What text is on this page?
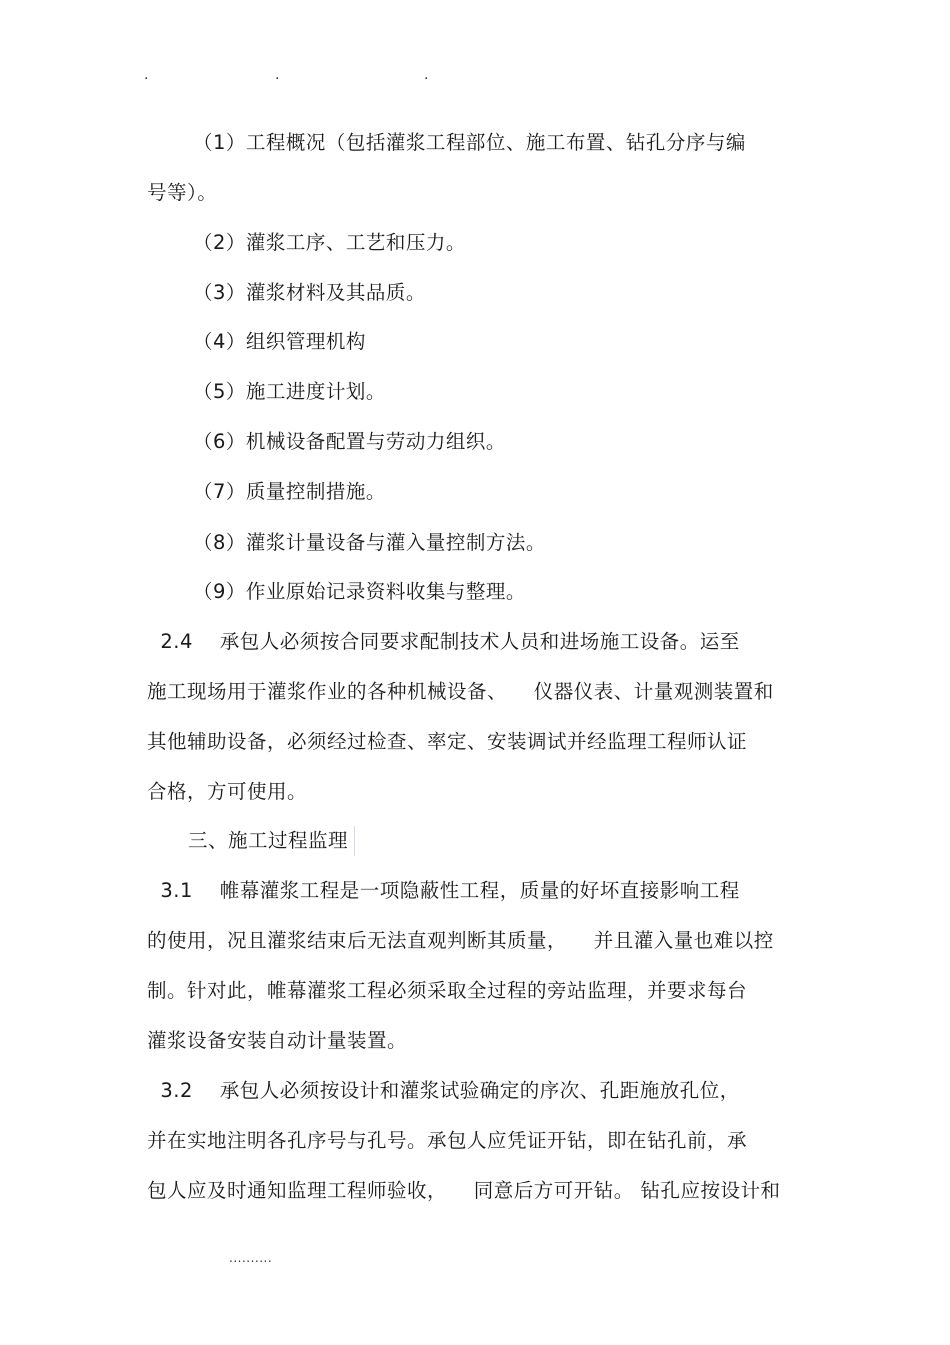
.	.	.
（1）工程概况（包括灌浆工程部位、施工布置、钻孔分序与编
号等）。
（2）灌浆工序、工艺和压力。
（3）灌浆材料及其品质。
（4）组织管理机构
（5）施工进度计划。
（6）机械设备配置与劳动力组织。
（7）质量控制措施。
（8）灌浆计量设备与灌入量控制方法。
（9）作业原始记录资料收集与整理。
2.4    承包人必须按合同要求配制技术人员和进场施工设备。运至
施工现场用于灌浆作业的各种机械设备、    仪器仪表、计量观测装置和
其他辅助设备，必须经过检查、率定、安装调试并经监理工程师认证
合格，方可使用。
三、施工过程监理
3.1    帷幕灌浆工程是一项隐蔽性工程，质量的好坏直接影响工程
的使用，况且灌浆结束后无法直观判断其质量，    并且灌入量也难以控
制。针对此，帷幕灌浆工程必须采取全过程的旁站监理，并要求每台
灌浆设备安装自动计量装置。
3.2    承包人必须按设计和灌浆试验确定的序次、孔距施放孔位，
并在实地注明各孔序号与孔号。承包人应凭证开钻，即在钻孔前，承
包人应及时通知监理工程师验收，    同意后方可开钻。 钻孔应按设计和
..........
